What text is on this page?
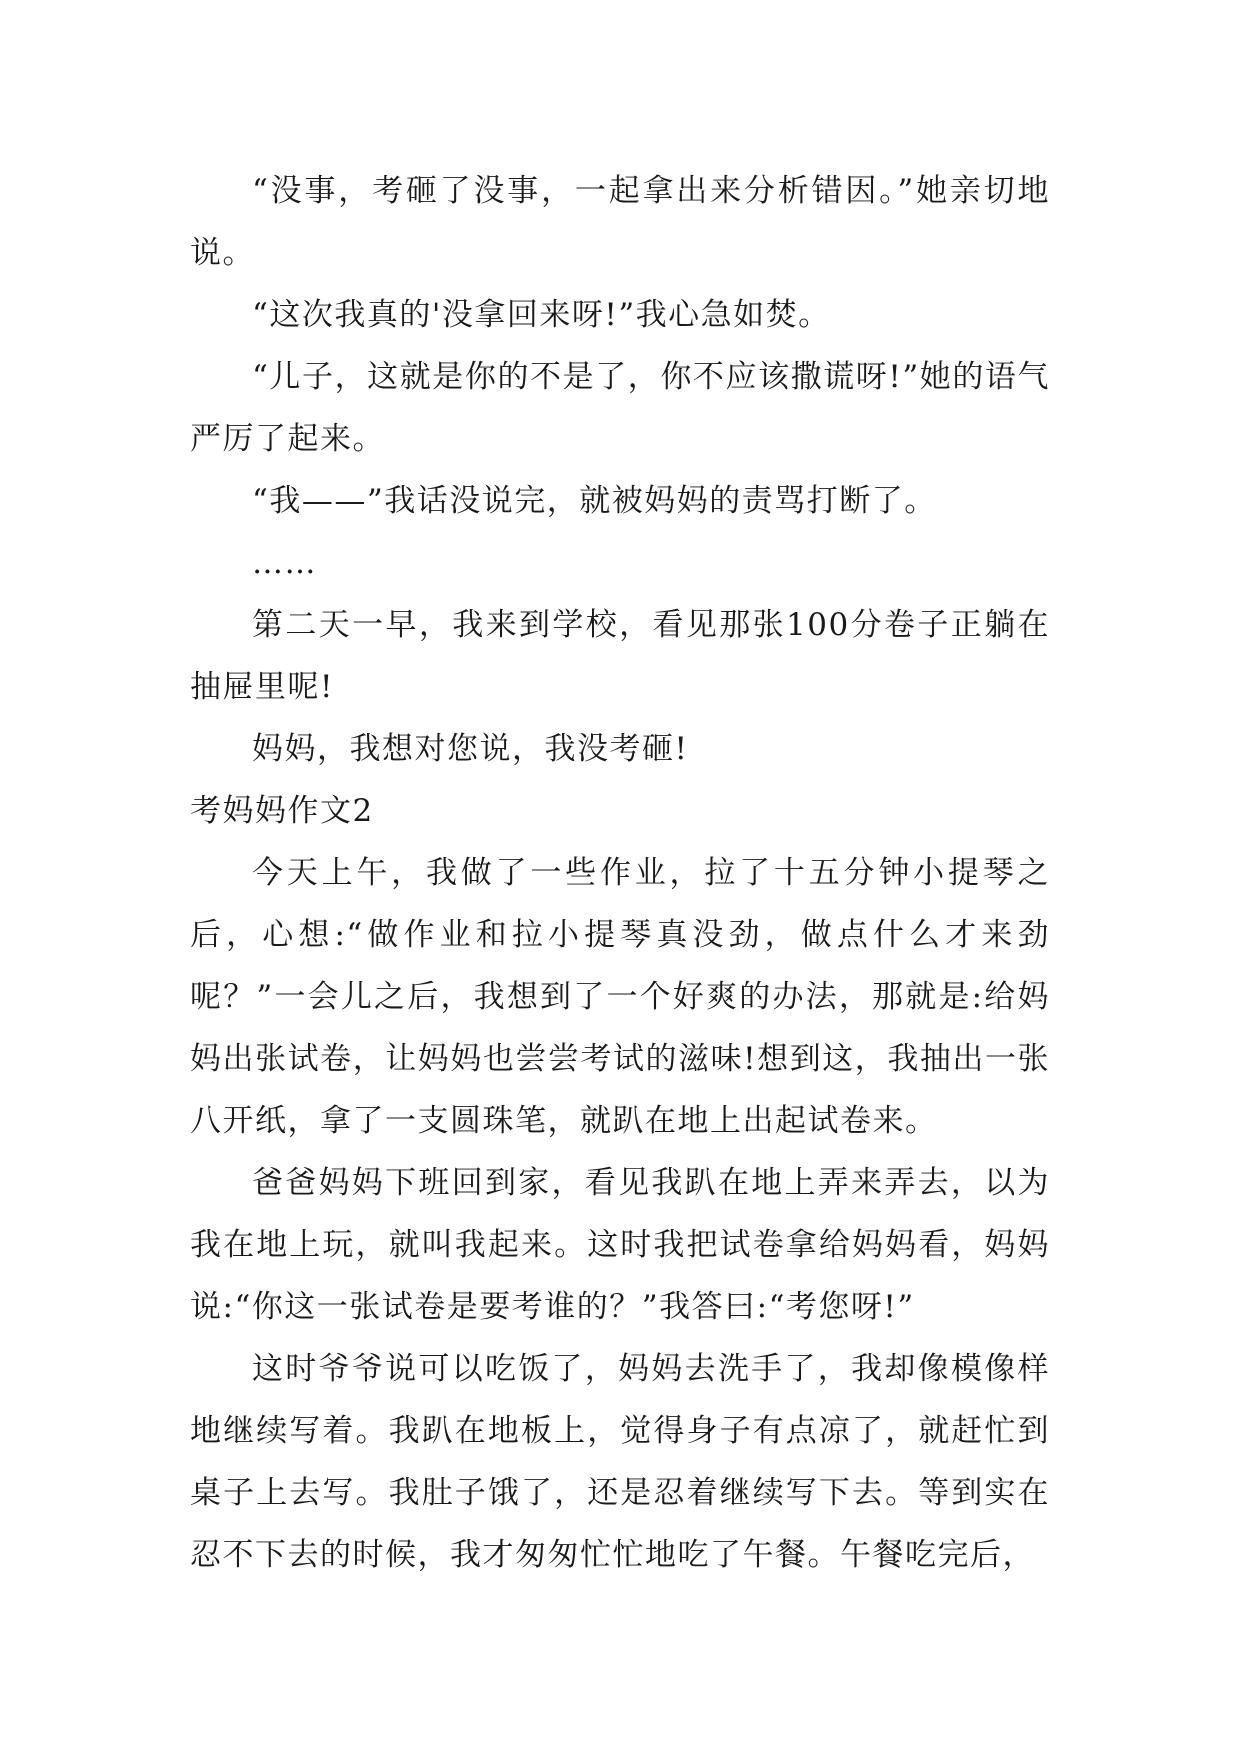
“没事，考砸了没事，一起拿出来分析错因。”她亲切地说。

“这次我真的'没拿回来呀!”我心急如焚。

“儿子，这就是你的不是了，你不应该撒谎呀!”她的语气严厉了起来。

“我——”我话没说完，就被妈妈的责骂打断了。

……

第二天一早，我来到学校，看见那张100分卷子正躺在抽屉里呢!

妈妈，我想对您说，我没考砸!

考妈妈作文2

今天上午，我做了一些作业，拉了十五分钟小提琴之后，心想:“做作业和拉小提琴真没劲，做点什么才来劲呢？”一会儿之后，我想到了一个好爽的办法，那就是:给妈妈出张试卷，让妈妈也尝尝考试的滋味!想到这，我抽出一张八开纸，拿了一支圆珠笔，就趴在地上出起试卷来。

爸爸妈妈下班回到家，看见我趴在地上弄来弄去，以为我在地上玩，就叫我起来。这时我把试卷拿给妈妈看，妈妈说:“你这一张试卷是要考谁的？”我答曰:“考您呀!”

这时爷爷说可以吃饭了，妈妈去洗手了，我却像模像样地继续写着。我趴在地板上，觉得身子有点凉了，就赶忙到桌子上去写。我肚子饿了，还是忍着继续写下去。等到实在忍不下去的时候，我才匆匆忙忙地吃了午餐。午餐吃完后，
